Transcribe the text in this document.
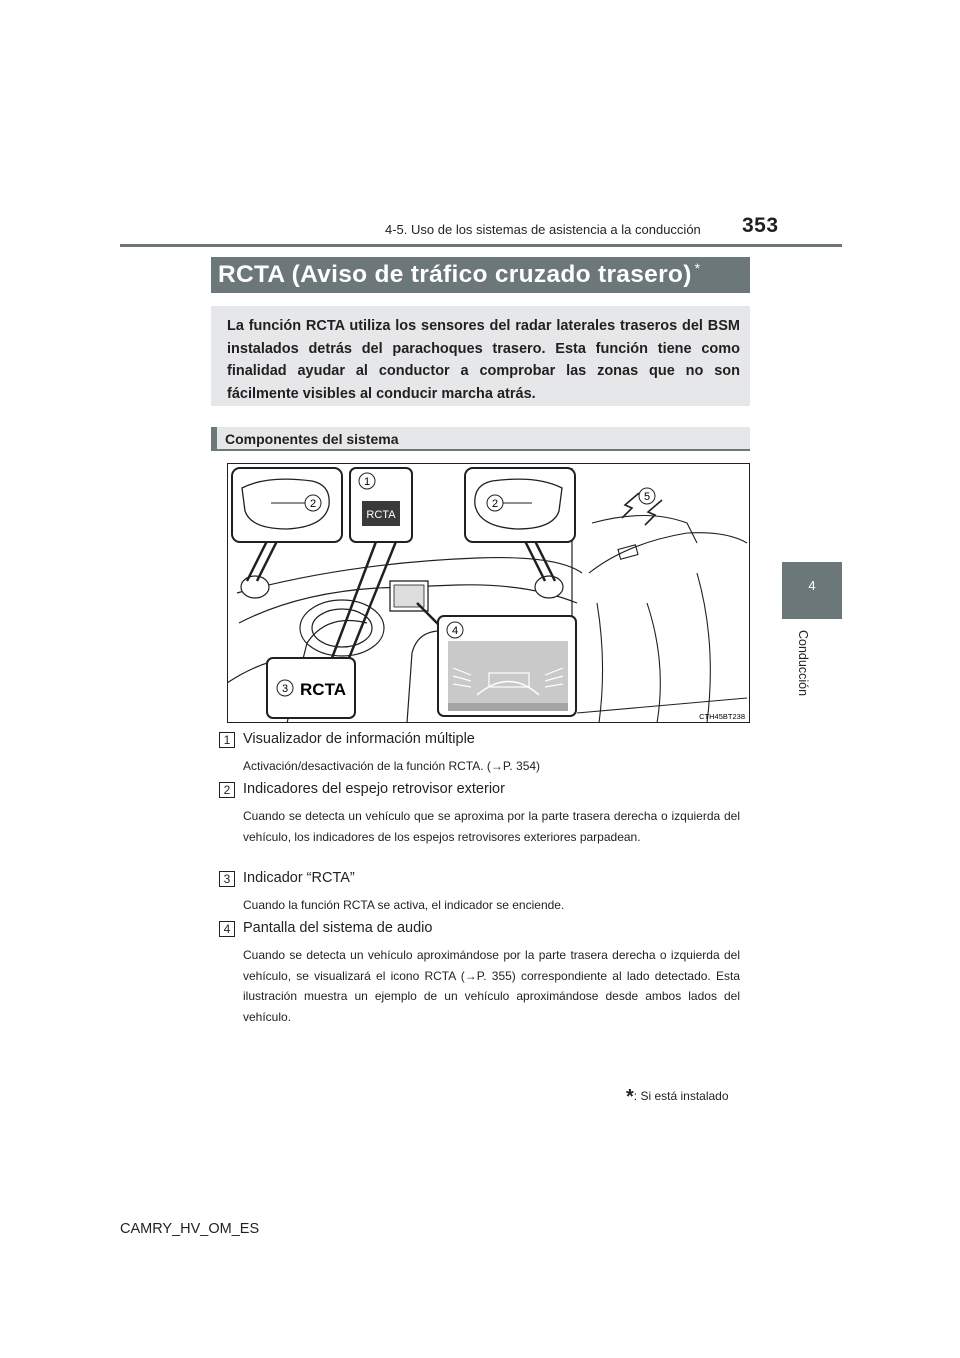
353
4-5. Uso de los sistemas de asistencia a la conducción
4
Conducción
RCTA (Aviso de tráfico cruzado trasero) *
La función RCTA utiliza los sensores del radar laterales traseros del BSM instalados detrás del parachoques trasero. Esta función tiene como finalidad ayudar al conductor a comprobar las zonas que no son fácilmente visibles al conducir marcha atrás.
Componentes del sistema
2
1
RCTA
2
5
4
3 RCTA
CTH45BT238
1 Visualizador de información múltiple
Activación/desactivación de la función RCTA. (→P. 354)
2 Indicadores del espejo retrovisor exterior
Cuando se detecta un vehículo que se aproxima por la parte trasera derecha o izquierda del vehículo, los indicadores de los espejos retrovisores exteriores parpadean.
3 Indicador “RCTA”
Cuando la función RCTA se activa, el indicador se enciende.
4 Pantalla del sistema de audio
Cuando se detecta un vehículo aproximándose por la parte trasera derecha o izquierda del vehículo, se visualizará el icono RCTA (→P. 355) correspondiente al lado detectado. Esta ilustración muestra un ejemplo de un vehículo aproximándose desde ambos lados del vehículo.
*: Si está instalado
CAMRY_HV_OM_ES
